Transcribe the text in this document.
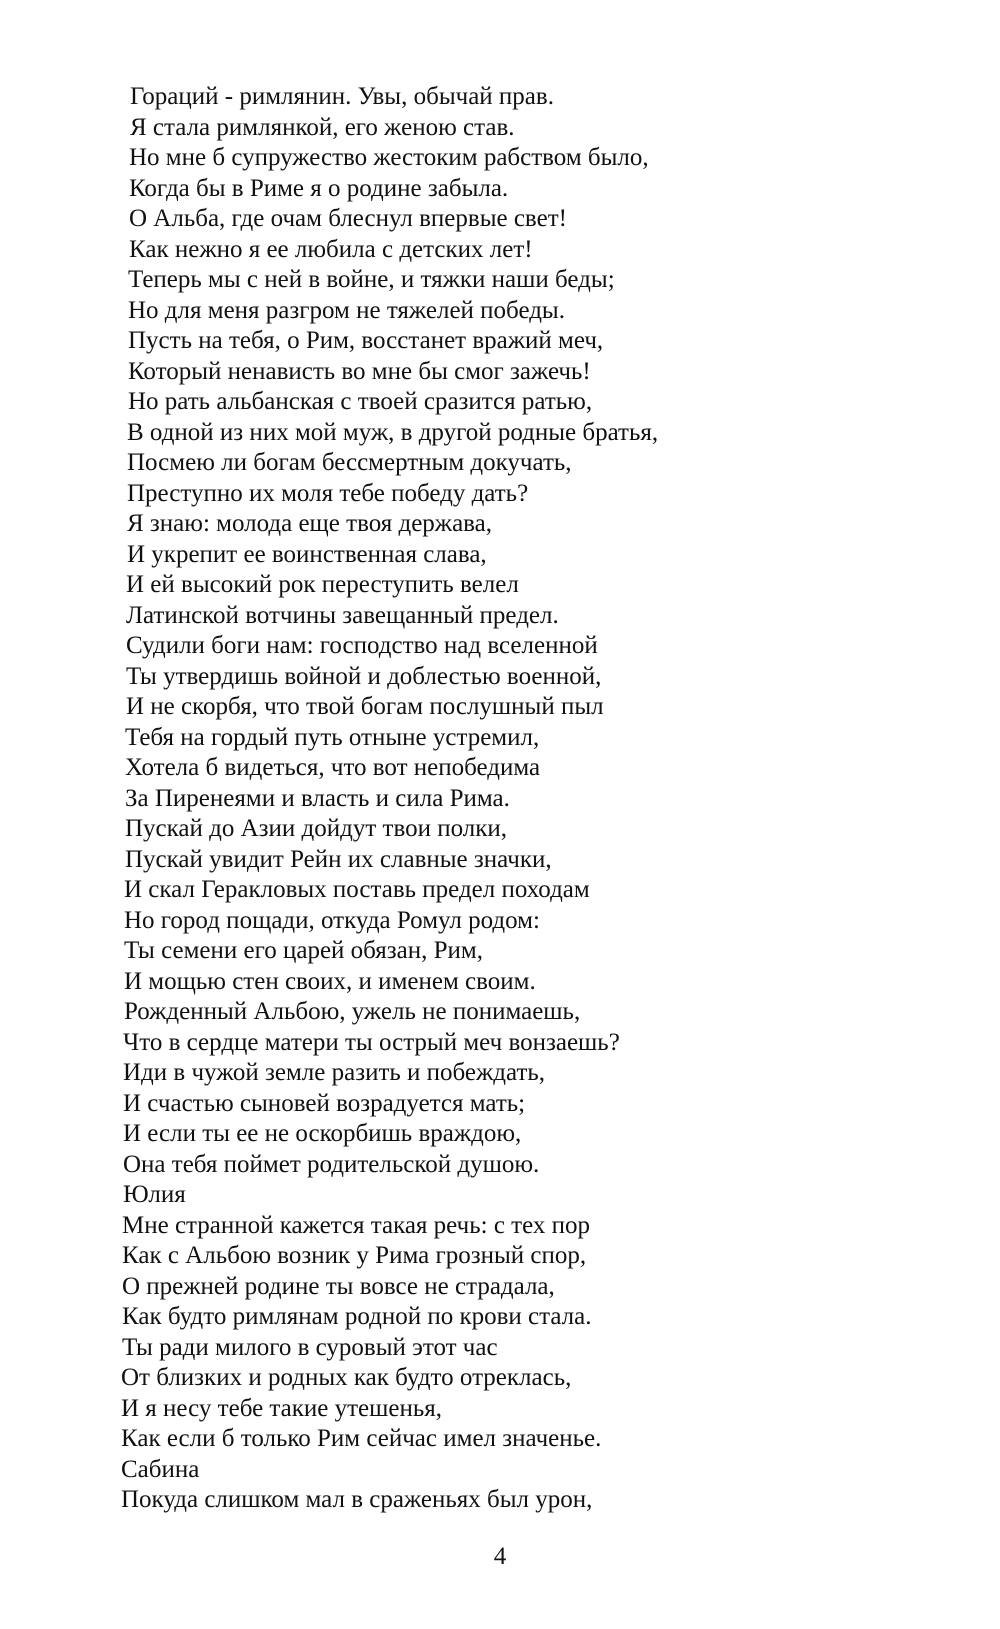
Гораций - римлянин. Увы, обычай прав.
Я стала римлянкой, его женою став.
Но мне б супружество жестоким рабством было,
Когда бы в Риме я о родине забыла.
О Альба, где очам блеснул впервые свет!
Как нежно я ее любила с детских лет!
Теперь мы с ней в войне, и тяжки наши беды;
Но для меня разгром не тяжелей победы.
Пусть на тебя, о Рим, восстанет вражий меч,
Который ненависть во мне бы смог зажечь!
Но рать альбанская с твоей сразится ратью,
В одной из них мой муж, в другой родные братья,
Посмею ли богам бессмертным докучать,
Преступно их моля тебе победу дать?
Я знаю: молода еще твоя держава,
И укрепит ее воинственная слава,
И ей высокий рок переступить велел
Латинской вотчины завещанный предел.
Судили боги нам: господство над вселенной
Ты утвердишь войной и доблестью военной,
И не скорбя, что твой богам послушный пыл
Тебя на гордый путь отныне устремил,
Хотела б видеться, что вот непобедима
За Пиренеями и власть и сила Рима.
Пускай до Азии дойдут твои полки,
Пускай увидит Рейн их славные значки,
И скал Геракловых поставь предел походам
Но город пощади, откуда Ромул родом:
Ты семени его царей обязан, Рим,
И мощью стен своих, и именем своим.
Рожденный Альбою, ужель не понимаешь,
Что в сердце матери ты острый меч вонзаешь?
Иди в чужой земле разить и побеждать,
И счастью сыновей возрадуется мать;
И если ты ее не оскорбишь враждою,
Она тебя поймет родительской душою.
Юлия
Мне странной кажется такая речь: с тех пор
Как с Альбою возник у Рима грозный спор,
О прежней родине ты вовсе не страдала,
Как будто римлянам родной по крови стала.
Ты ради милого в суровый этот час
От близких и родных как будто отреклась,
И я несу тебе такие утешенья,
Как если б только Рим сейчас имел значенье.
Сабина
Покуда слишком мал в сраженьях был урон,
4
